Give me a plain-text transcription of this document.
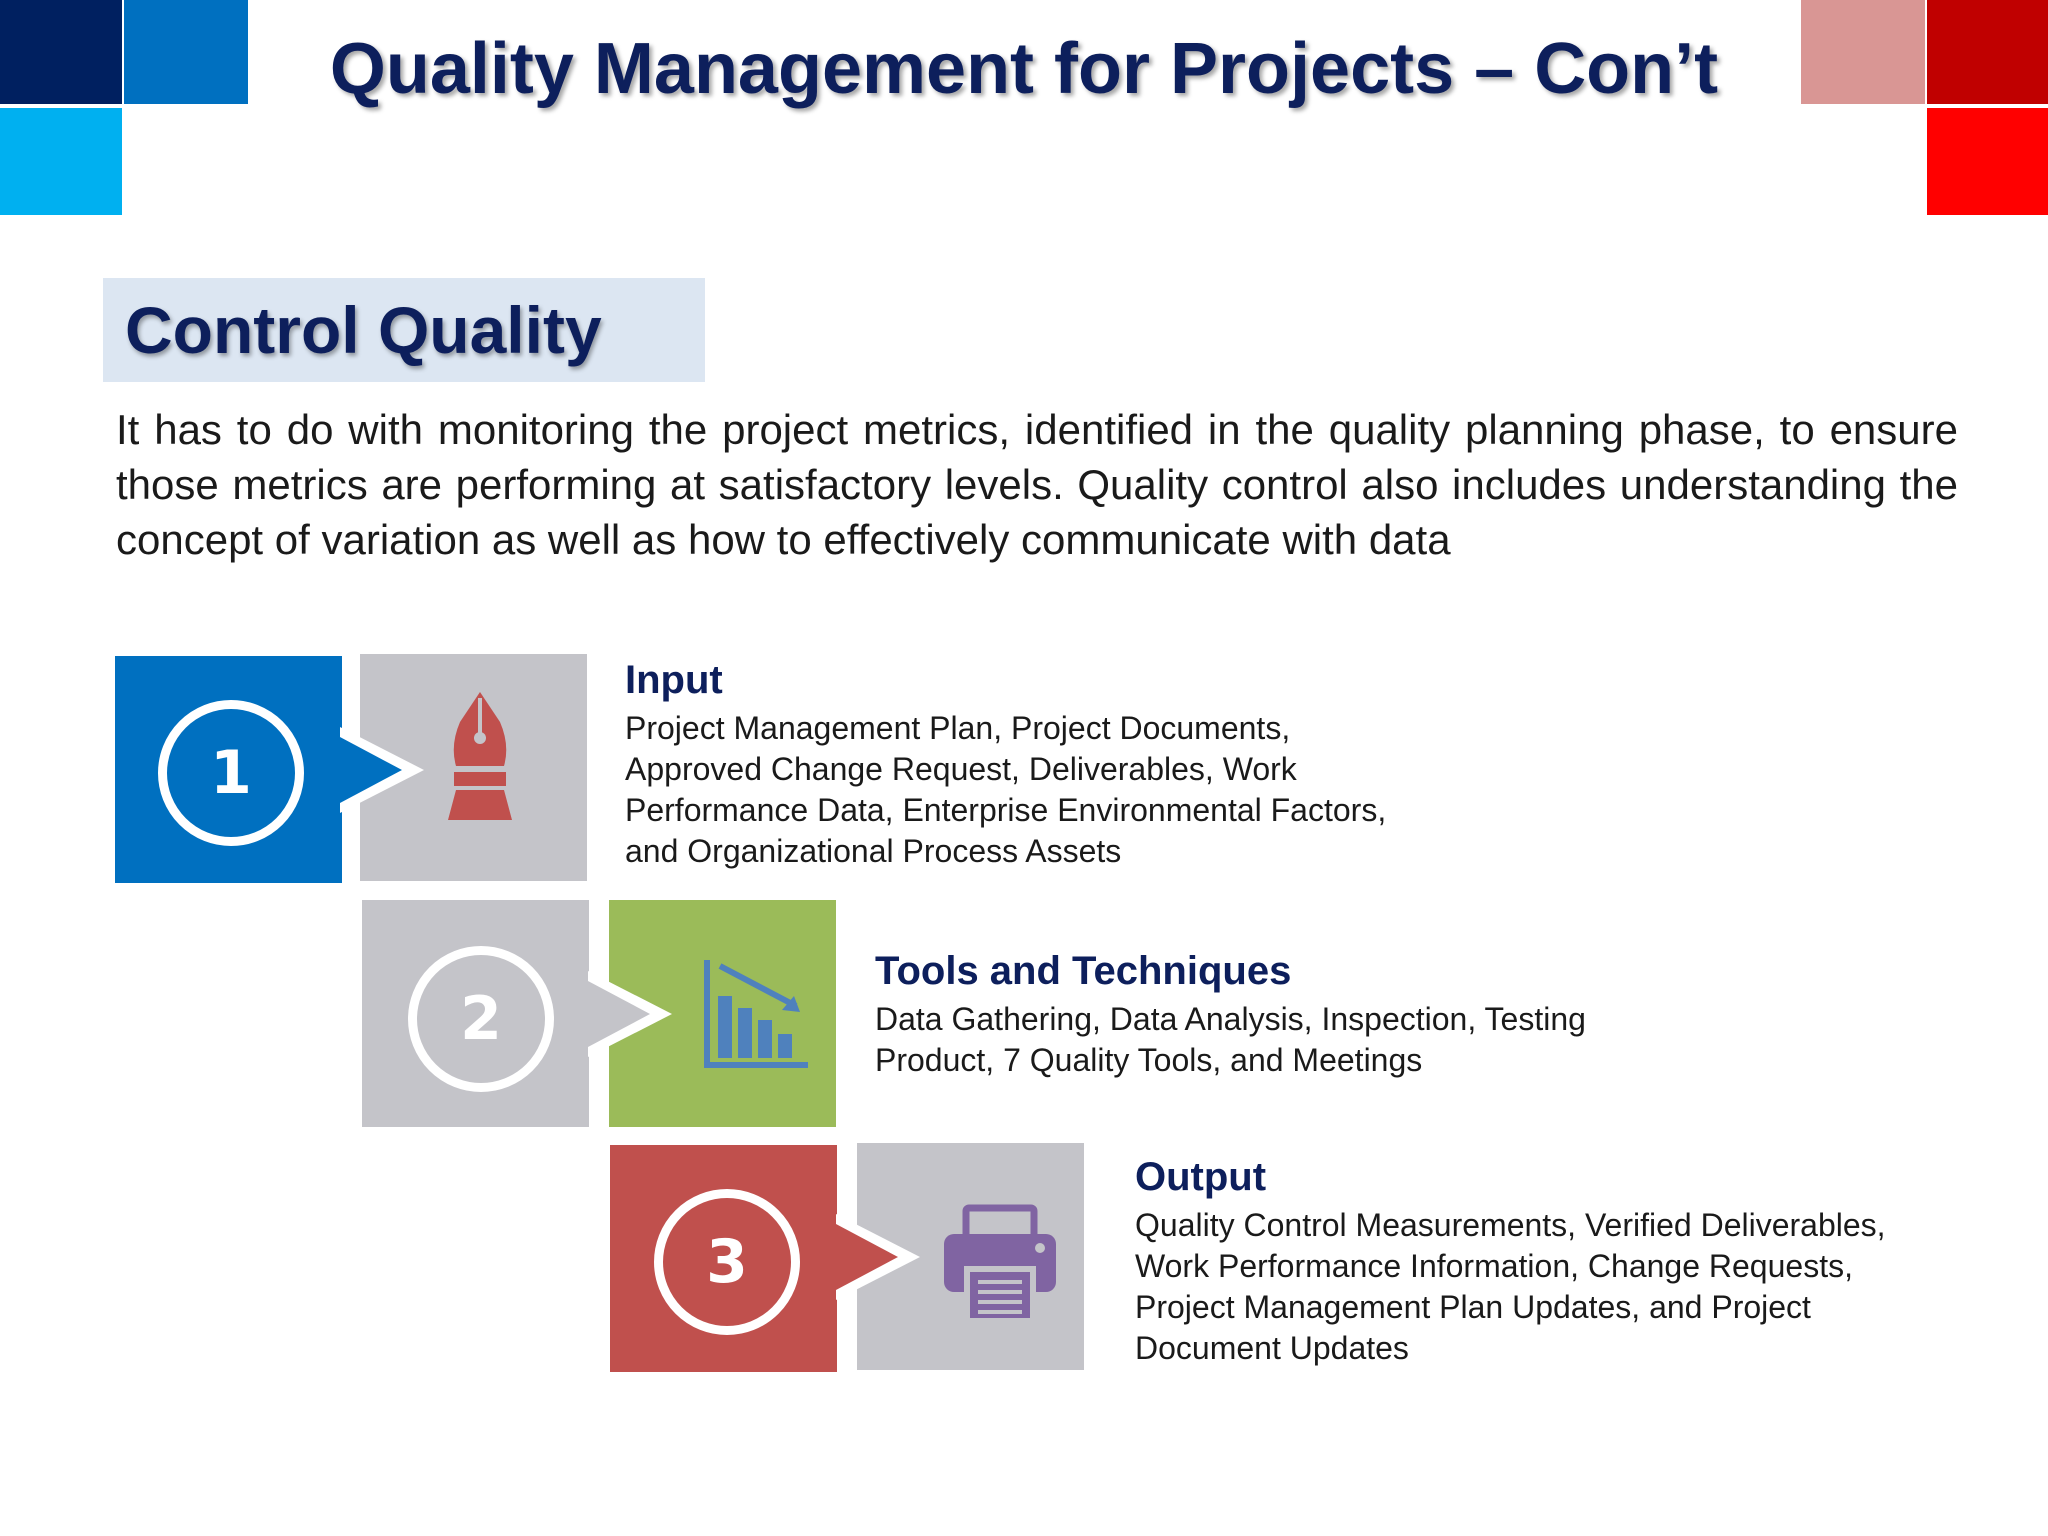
Quality Management for Projects – Con’t
Control Quality

It has to do with monitoring the project metrics, identified in the quality planning phase, to ensure those metrics are performing at satisfactory levels. Quality control also includes understanding the concept of variation as well as how to effectively communicate with data

1
Input

Project Management Plan, Project Documents,
Approved Change Request, Deliverables, Work
Performance Data, Enterprise Environmental Factors,
and Organizational Process Assets

2
Tools and Techniques

Data Gathering, Data Analysis, Inspection, Testing
Product, 7 Quality Tools, and Meetings

3
Output

Quality Control Measurements, Verified Deliverables,
Work Performance Information, Change Requests,
Project Management Plan Updates, and Project
Document Updates
